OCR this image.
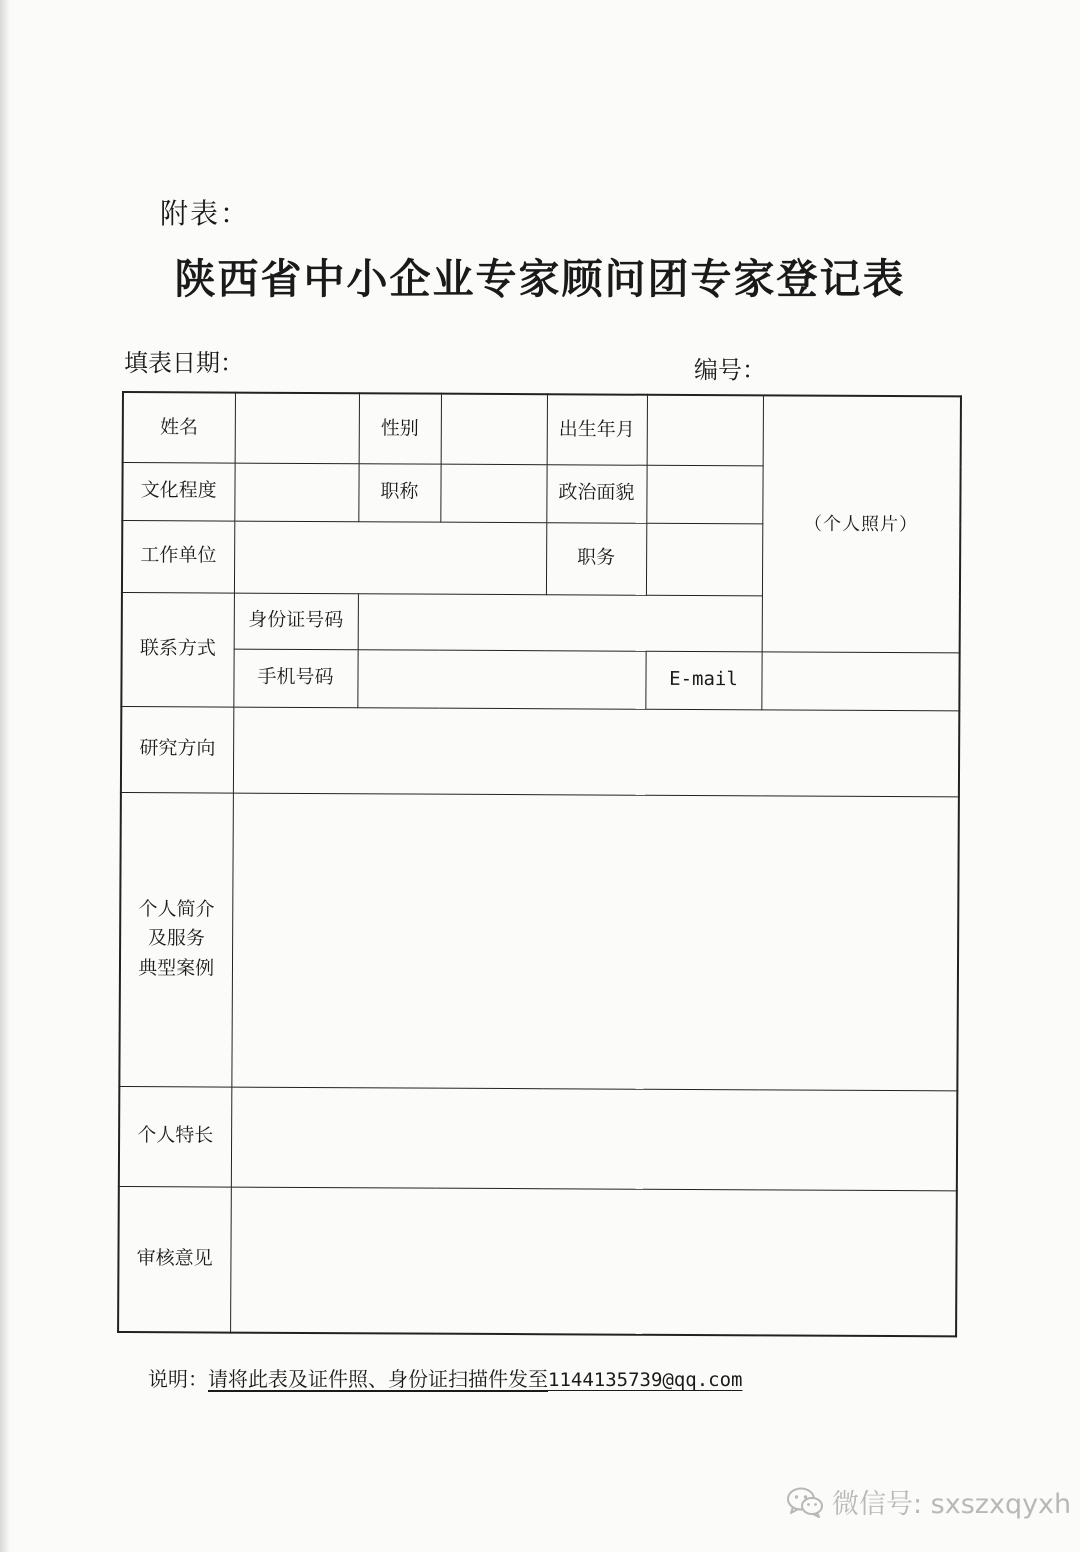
附表：
陕西省中小企业专家顾问团专家登记表
填表日期：	编号：
姓名		性别		出生年月		（个人照片）
文化程度		职称		政治面貌		
工作单位				职务		
联系方式	身份证号码					
	手机号码				E-mail	
研究方向						

个人简介
及服务
典型案例						

个人特长						
审核意见						
说明：请将此表及证件照、身份证扫描件发至1144135739@qq.com
微信号: sxszxqyxh
